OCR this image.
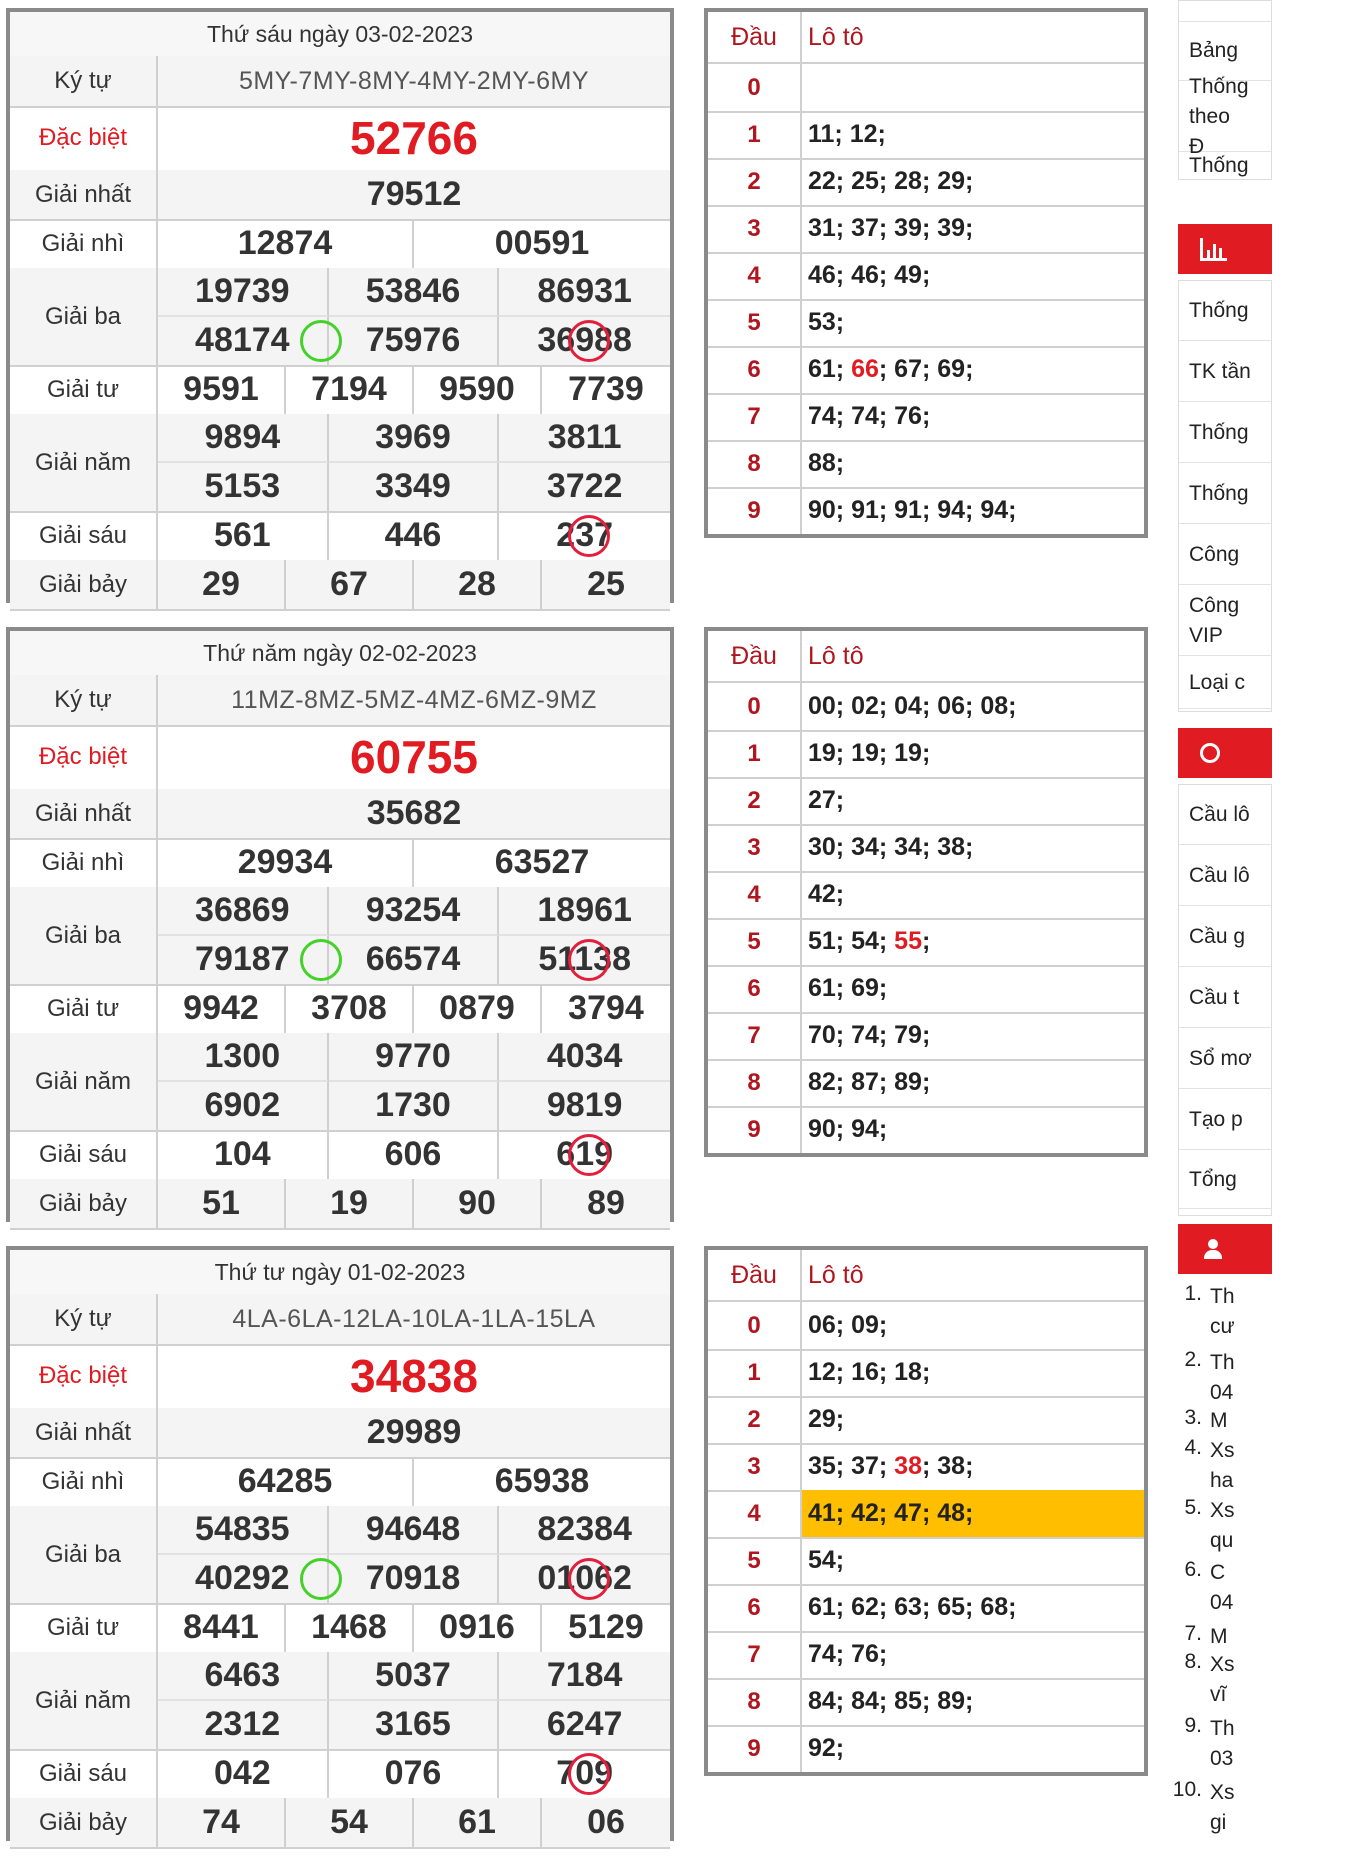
Thứ sáu ngày 03-02-2023
Ký tự	5MY-7MY-8MY-4MY-2MY-6MY
Đặc biệt	52766
Giải nhất	79512
Giải nhì	12874	00591
Giải ba
19739	53846	86931
48174	75976	36988
Giải tư	9591	7194	9590	7739
Giải năm
9894	3969	3811
5153	3349	3722
Giải sáu	561	446	237
Giải bảy	29	67	28	25
Đầu	Lô tô
0
1	11; 12;
2	22; 25; 28; 29;
3	31; 37; 39; 39;
4	46; 46; 49;
5	53;
6	61; 66 ; 67; 69;
7	74; 74; 76;
8	88;
9	90; 91; 91; 94; 94;
Thứ năm ngày 02-02-2023
Ký tự	11MZ-8MZ-5MZ-4MZ-6MZ-9MZ
Đặc biệt	60755
Giải nhất	35682
Giải nhì	29934	63527
Giải ba
36869	93254	18961
79187	66574	51138
Giải tư	9942	3708	0879	3794
Giải năm
1300	9770	4034
6902	1730	9819
Giải sáu	104	606	619
Giải bảy	51	19	90	89
Đầu	Lô tô
0	00; 02; 04; 06; 08;
1	19; 19; 19;
2	27;
3	30; 34; 34; 38;
4	42;
5	51; 54; 55 ;
6	61; 69;
7	70; 74; 79;
8	82; 87; 89;
9	90; 94;
Thứ tư ngày 01-02-2023
Ký tự	4LA-6LA-12LA-10LA-1LA-15LA
Đặc biệt	34838
Giải nhất	29989
Giải nhì	64285	65938
Giải ba
54835	94648	82384
40292	70918	01062
Giải tư	8441	1468	0916	5129
Giải năm
6463	5037	7184
2312	3165	6247
Giải sáu	042	076	709
Giải bảy	74	54	61	06
Đầu	Lô tô
0	06; 09;
1	12; 16; 18;
2	29;
3	35; 37; 38 ; 38;
4	41; 42; 47; 48;
5	54;
6	61; 62; 63; 65; 68;
7	74; 76;
8	84; 84; 85; 89;
9	92;
Bảng
Thống theo Đ
Thống
Thống
TK tần
Thống
Thống
Công
Công VIP
Loại c
Cầu lô
Cầu lô
Cầu g
Cầu t
Sổ mơ
Tạo p
Tổng
1. Th cư
2. Th 04
3. M
4. Xs ha
5. Xs qu
6. C 04
7. M
8. Xs vĩ
9. Th 03
10. Xs gi
